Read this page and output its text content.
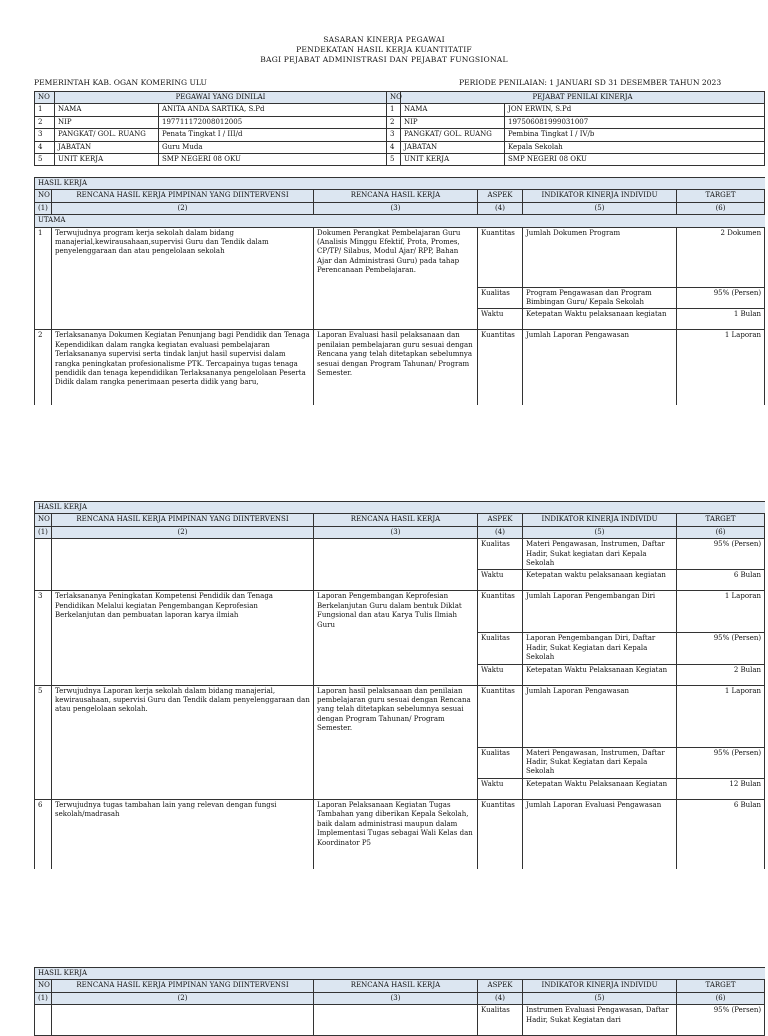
SASARAN KINERJA PEGAWAI
PENDEKATAN HASIL KERJA KUANTITATIF
BAGI PEJABAT ADMINISTRASI DAN PEJABAT FUNGSIONAL
PEMERINTAH KAB. OGAN KOMERING ULU	PERIODE PENILAIAN: 1 JANUARI SD 31 DESEMBER TAHUN 2023
NO	PEGAWAI YANG DINILAI		NO	PEJABAT PENILAI KINERJA	
1	NAMA	ANITA ANDA SARTIKA, S.Pd	1	NAMA	JON ERWIN, S.Pd
2	NIP	197711172008012005	2	NIP	197506081999031007
3	PANGKAT/ GOL. RUANG	Penata Tingkat I / III/d	3	PANGKAT/ GOL. RUANG	Pembina Tingkat I / IV/b
4	JABATAN	Guru Muda	4	JABATAN	Kepala Sekolah
5	UNIT KERJA	SMP NEGERI 08 OKU	5	UNIT KERJA	SMP NEGERI 08 OKU
HASIL KERJA					
NO	RENCANA HASIL KERJA PIMPINAN YANG DIINTERVENSI	RENCANA HASIL KERJA	ASPEK	INDIKATOR KINERJA INDIVIDU	TARGET
(1)	(2)	(3)	(4)	(5)	(6)
UTAMA					
1	Terwujudnya program kerja sekolah dalam bidang manajerial,kewirausahaan,supervisi Guru dan Tendik dalam penyelenggaraan dan atau pengelolaan sekolah	Dokumen Perangkat Pembelajaran Guru (Analisis Minggu Efektif, Prota, Promes, CP/TP/ Silabus, Modul Ajar/ RPP, Bahan Ajar dan Administrasi Guru) pada tahap Perencanaan Pembelajaran.	Kuantitas	Jumlah Dokumen Program	2 Dokumen
			Kualitas	Program Pengawasan dan Program Bimbingan Guru/ Kepala Sekolah	95% (Persen)
			Waktu	Ketepatan Waktu pelaksanaan kegiatan	1 Bulan
2	Terlaksananya Dokumen Kegiatan Penunjang bagi Pendidik dan Tenaga Kependidikan dalam rangka kegiatan evaluasi pembelajaran Terlaksananya supervisi serta tindak lanjut hasil supervisi dalam rangka peningkatan profesionalisme PTK. Tercapainya tugas tenaga pendidik dan tenaga kependidikan Terlaksananya pengelolaan Peserta Didik dalam rangka penerimaan peserta didik yang baru,	Laporan Evaluasi hasil pelaksanaan dan penilaian pembelajaran guru sesuai dengan Rencana yang telah ditetapkan sebelumnya sesuai dengan Program Tahunan/ Program Semester.	Kuantitas	Jumlah Laporan Pengawasan	1 Laporan
HASIL KERJA					
NO	RENCANA HASIL KERJA PIMPINAN YANG DIINTERVENSI	RENCANA HASIL KERJA	ASPEK	INDIKATOR KINERJA INDIVIDU	TARGET
(1)	(2)	(3)	(4)	(5)	(6)
			Kualitas	Materi Pengawasan, Instrumen, Daftar Hadir, Sukat kegiatan dari Kepala Sekolah	95% (Persen)
			Waktu	Ketepatan waktu pelaksanaan kegiatan	6 Bulan
3	Terlaksananya Peningkatan Kompetensi Pendidik dan Tenaga Pendidikan Melalui kegiatan Pengembangan Keprofesian Berkelanjutan dan pembuatan laporan karya ilmiah	Laporan Pengembangan Keprofesian Berkelanjutan Guru dalam bentuk Diklat Fungsional dan atau Karya Tulis Ilmiah Guru	Kuantitas	Jumlah Laporan Pengembangan Diri	1 Laporan
			Kualitas	Laporan Pengembangan Diri, Daftar Hadir, Sukat Kegiatan dari Kepala Sekolah	95% (Persen)
			Waktu	Ketepatan Waktu Pelaksanaan Kegiatan	2 Bulan
5	Terwujudnya Laporan kerja sekolah dalam bidang manajerial, kewirausahaan, supervisi Guru dan Tendik dalam penyelenggaraan dan atau pengelolaan sekolah.	Laporan hasil pelaksanaan dan penilaian pembelajaran guru sesuai dengan Rencana yang telah ditetapkan sebelumnya sesuai dengan Program Tahunan/ Program Semester.	Kuantitas	Jumlah Laporan Pengawasan	1 Laporan
			Kualitas	Materi Pengawasan, Instrumen, Daftar Hadir, Sukat Kegiatan dari Kepala Sekolah	95% (Persen)
			Waktu	Ketepatan Waktu Pelaksanaan Kegiatan	12 Bulan
6	Terwujudnya tugas tambahan lain yang relevan dengan fungsi sekolah/madrasah	Laporan Pelaksanaan Kegiatan Tugas Tambahan yang diberikan Kepala Sekolah, baik dalam administrasi maupun dalam Implementasi Tugas sebagai Wali Kelas dan Koordinator P5	Kuantitas	Jumlah Laporan Evaluasi Pengawasan	6 Bulan
HASIL KERJA					
NO	RENCANA HASIL KERJA PIMPINAN YANG DIINTERVENSI	RENCANA HASIL KERJA	ASPEK	INDIKATOR KINERJA INDIVIDU	TARGET
(1)	(2)	(3)	(4)	(5)	(6)
			Kualitas	Instrumen Evaluasi Pengawasan, Daftar Hadir, Sukat Kegiatan dari	95% (Persen)
